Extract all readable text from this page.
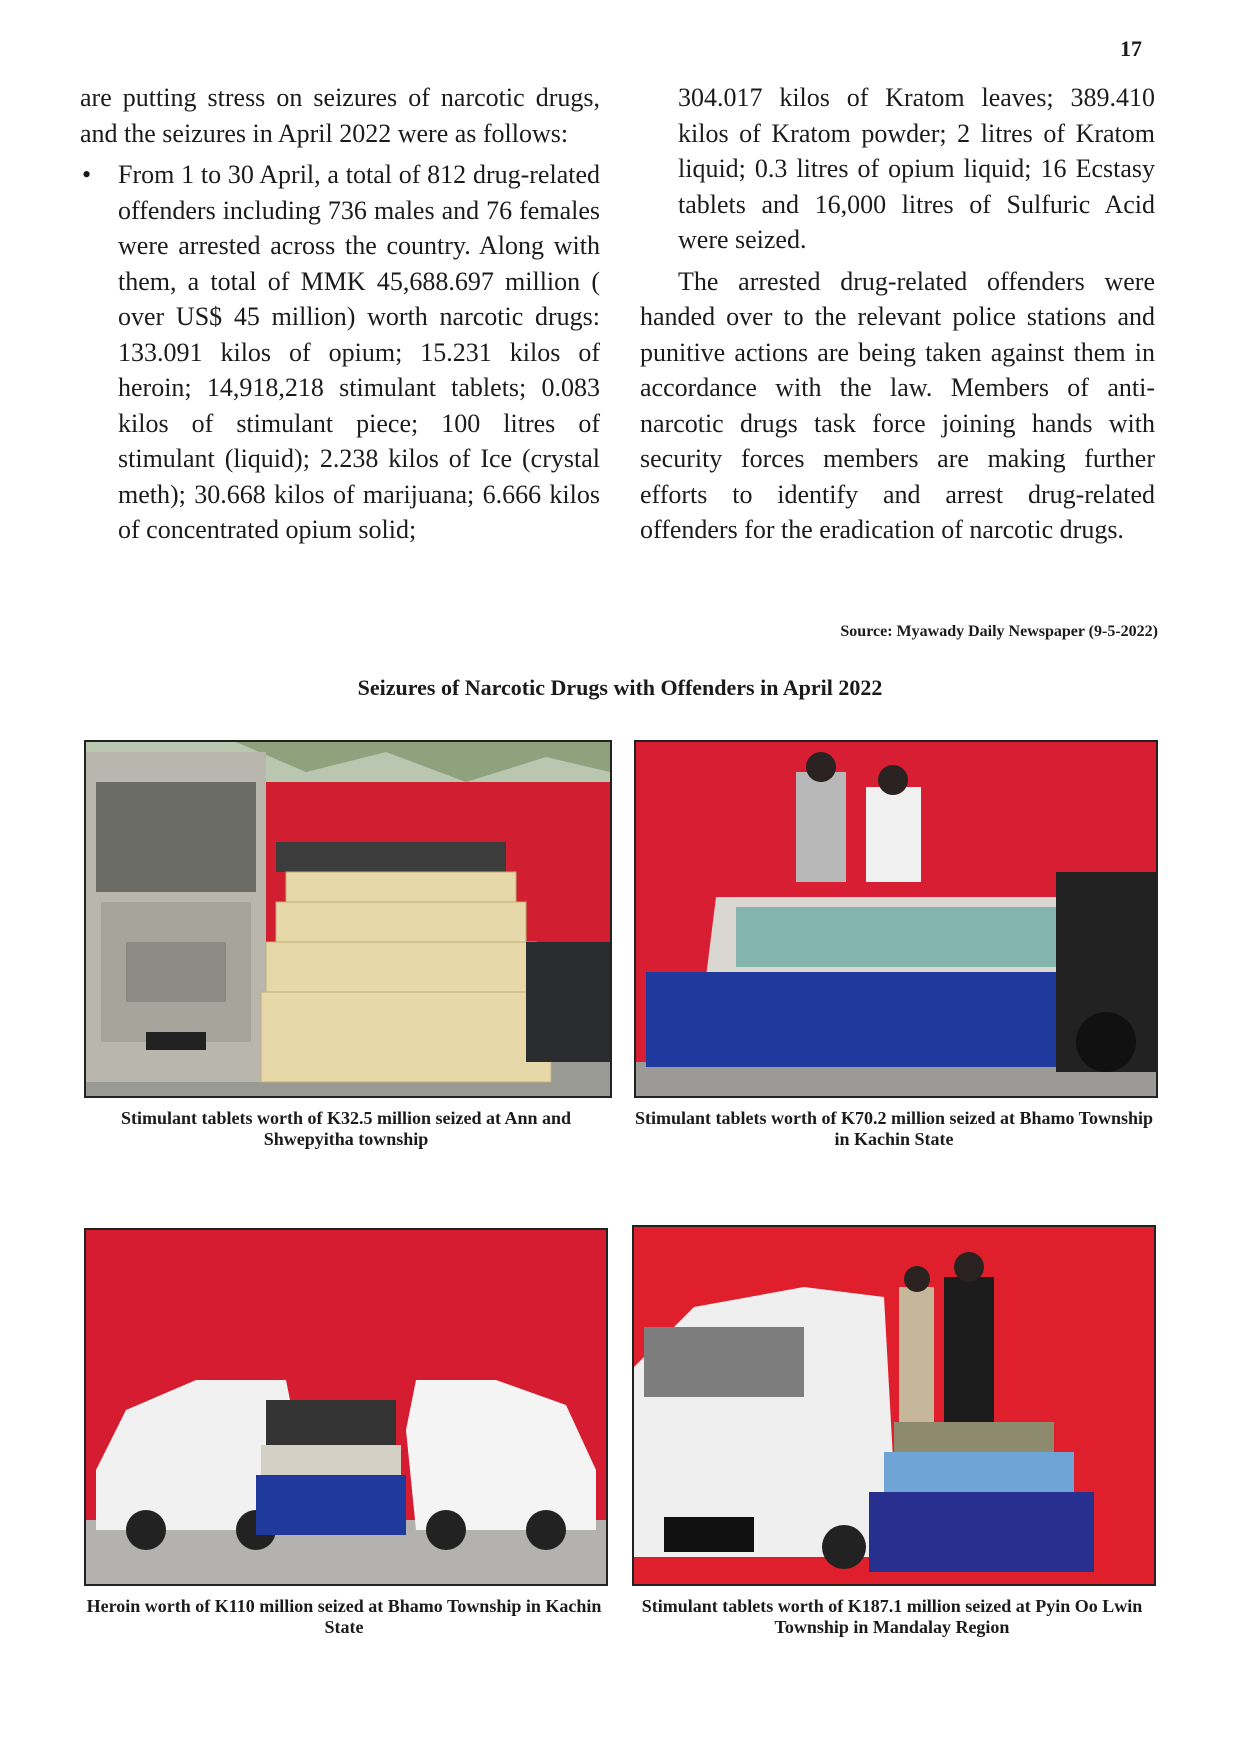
17

are putting stress on seizures of narcotic drugs, and the seizures in April 2022 were as follows:

• From 1 to 30 April, a total of 812 drug-related offenders including 736 males and 76 females were arrested across the country. Along with them, a total of MMK 45,688.697 million ( over US$ 45 million) worth narcotic drugs: 133.091 kilos of opium; 15.231 kilos of heroin; 14,918,218 stimulant tablets; 0.083 kilos of stimulant piece; 100 litres of stimulant (liquid); 2.238 kilos of Ice (crystal meth); 30.668 kilos of marijuana; 6.666 kilos of concentrated opium solid;

304.017 kilos of Kratom leaves; 389.410 kilos of Kratom powder; 2 litres of Kratom liquid; 0.3 litres of opium liquid; 16 Ecstasy tablets and 16,000 litres of Sulfuric Acid were seized.

The arrested drug-related offenders were handed over to the relevant police stations and punitive actions are being taken against them in accordance with the law. Members of anti-narcotic drugs task force joining hands with security forces members are making further efforts to identify and arrest drug-related offenders for the eradication of narcotic drugs.

Source: Myawady Daily Newspaper (9-5-2022)
Seizures of Narcotic Drugs with Offenders in April 2022
Stimulant tablets worth of K32.5 million seized at Ann and Shwepyitha township
Stimulant tablets worth of K70.2 million seized at Bhamo Township in Kachin State
Heroin worth of K110 million seized at Bhamo Township in Kachin State
Stimulant tablets worth of K187.1 million seized at Pyin Oo Lwin Township in Mandalay Region
